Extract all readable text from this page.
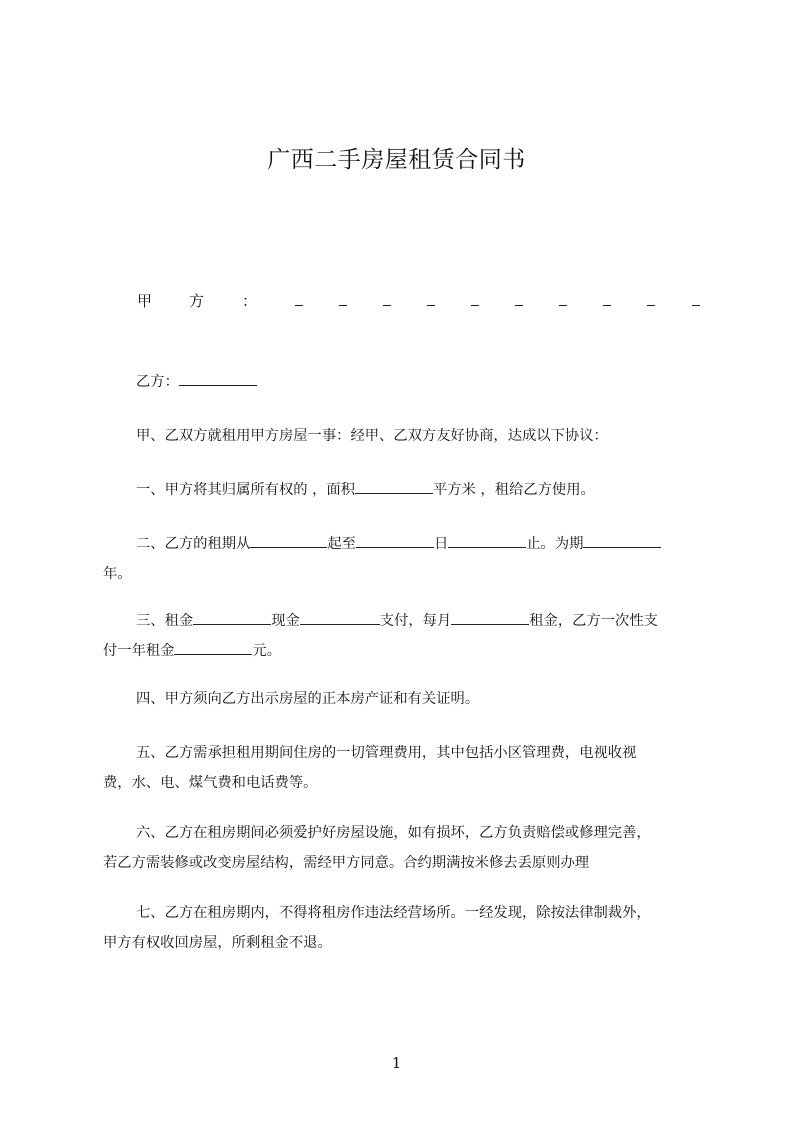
广西二手房屋租赁合同书
甲 方	：
乙方：
甲、乙双方就租用甲方房屋一事：经甲、乙双方友好协商，达成以下协议：
一、甲方将其归属所有权的 ，面积	平方米 ，租给乙方使用。
二、乙方的租期从	起至	日	止。为期
年。
三、租金	现金	支付，每月	租金，乙方一次性支
付一年租金	元。
四、甲方须向乙方出示房屋的正本房产证和有关证明。
五、乙方需承担租用期间住房的一切管理费用，其中包括小区管理费，电视收视
费，水、电、煤气费和电话费等。
六、乙方在租房期间必须爱护好房屋设施，如有损坏，乙方负责赔偿或修理完善，
若乙方需装修或改变房屋结构，需经甲方同意。合约期满按米修去丢原则办理
七、乙方在租房期内，不得将租房作违法经营场所。一经发现，除按法律制裁外，
甲方有权收回房屋，所剩租金不退。
1
